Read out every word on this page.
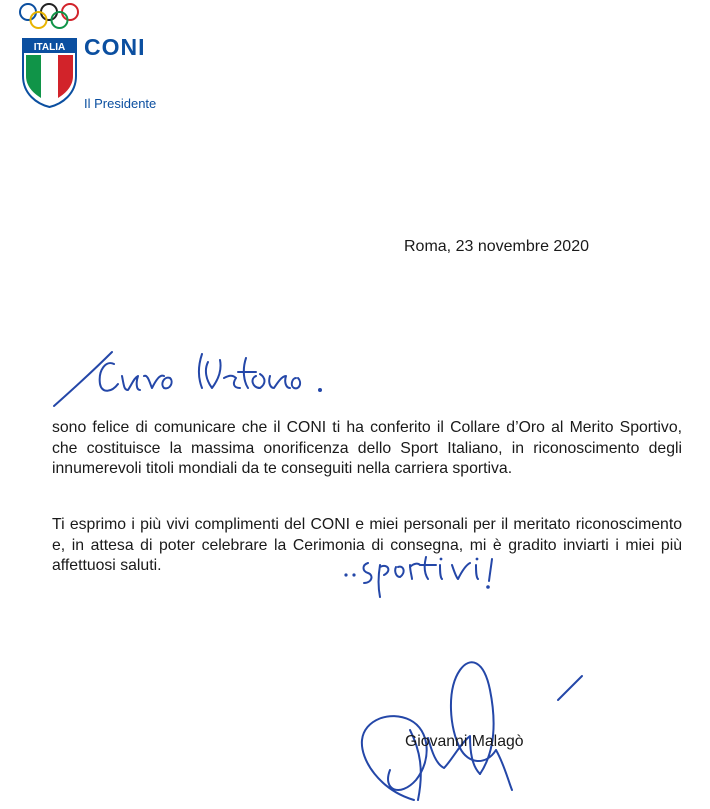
ITALIA CONI
Il Presidente
Roma, 23 novembre 2020
sono felice di comunicare che il CONI ti ha conferito il Collare d’Oro al Merito Sportivo, che costituisce la massima onorificenza dello Sport Italiano, in riconoscimento degli innumerevoli titoli mondiali da te conseguiti nella carriera sportiva.
Ti esprimo i più vivi complimenti del CONI e miei personali per il meritato riconoscimento e, in attesa di poter celebrare la Cerimonia di consegna, mi è gradito inviarti i miei più affettuosi saluti.
Giovanni Malagò
